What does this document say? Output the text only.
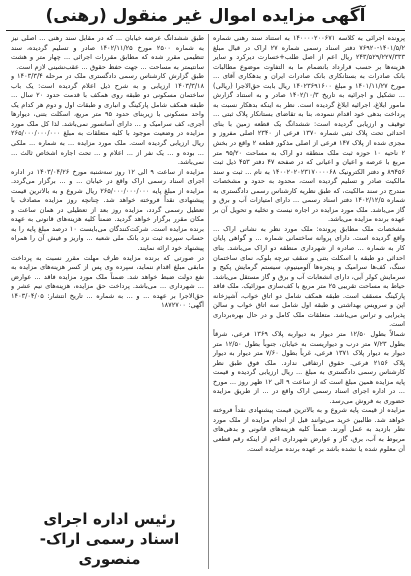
آگهی مزایده اموال غیر منقول (رهنی)

پرونده اجرائی به کلاسه ۱۴۰۰۰۰۲۰۰۶۷۱ به استناد سند رهنی شماره ۱۴۰۱/۵/۲-۷۶۹۲۰ دفتر اسناد رسمی شماره ۲۷ اراک در قبال مبلغ ۲۴۳/۵۲۹/۲۲۷/۳۳۳ ریال اعم از اصل طلب+خسارت دیرکرد و سایر هزینه‌ها بر حسب قرارداد بانضمام ما به التفاوت موضوع مطالبات بانک صادرات به بستانکاری بانک صادرات ایران و بدهکاری آقای ... مورخ ۱۴۰۱/۱۱/۲۷ و مبلغ ۱۴۰۲۳۶۹۱۶۰۰ ریال بابت حق‌الاجرا (ریالی) ... تشکیل و اجرائیه به تاریخ ۱۴۰۲/۱۰/۳ صادر و به استناد گزارش مامور ابلاغ، اجرائیه ابلاغ گردیده است. نظر به اینکه بدهکار نسبت به پرداخت بدهی خود اقدام ننموده، بنا به تقاضای بستانکار پلاک ثبتی ... توقیف و ارزیابی گردیده است: ششدانگ یک قطعه زمین با بنای احداثی تحت پلاک ثبتی شماره ۱۳۷۰ فرعی از ۲۳۴۰ اصلی مفروز و مجزی شده از پلاک ۱۴۷ فرعی از اصلی مذکور قطعه ۲ واقع در بخش ۲ ناحیه ۱۰ حوزه ثبت ملک منطقه دو اراک به مساحت ۹۵/۲۰ متر مربع با عرصه و اعیان و اعیانی که در صفحه ۴۷ دفتر ۴۵۳ ذیل ثبت ۸۹۴۵۶ و دفتر الکترونیک ۱۴۰۰۲۰۲۰۲۳۱۷۰۰۰۰۶۸ به نام ... ثبت و سند مالکیت صادر و تسلیم گردیده است، محدود به حدود و مشخصات مندرج در سند مالکیت، که طبق نظریه کارشناس رسمی دادگستری به شماره ۱۴۰۲/۱۲/۵ دفتر اسناد رسمی ... دارای امتیازات آب و برق و گاز می‌باشد. ملک مورد مزایده در اجاره نیست و تخلیه و تحویل آن بر عهده برنده مزایده می‌باشد.

مشخصات ملک مطابق پرونده: ملک مورد نظر به نشانی اراک ... واقع گردیده است. دارای پروانه ساختمانی شماره ... و گواهی پایان کار به شماره ... صادره از شهرداری منطقه دو اراک می‌باشد. بنای احداثی دو طبقه با اسکلت بتنی و سقف تیرچه بلوک، نمای ساختمان سنگ، کف‌ها سرامیک و پنجره‌ها آلومینیوم، سیستم گرمایش پکیج و سرمایش کولر آبی، دارای انشعابات آب و برق و گاز مستقل می‌باشد. حیاط به مساحت تقریبی ۲۵ متر مربع با کف‌سازی موزائیک. ملک فاقد پارکینگ مسقف است. طبقه همکف شامل دو اتاق خواب، آشپزخانه اپن و سرویس بهداشتی و طبقه اول شامل سه اتاق خواب و سالن پذیرایی و تراس می‌باشد. متعلقات ملک کامل و در حال بهره‌برداری است.

شمالاً بطول ۱۲/۵۰ متر دیوار به دیواربه پلاک ۱۳۶۹ فرعی، شرقاً بطول ۷/۲۳ متر درب و دیواریست به خیابان، جنوباً بطول ۱۲/۵۰ متر دیوار به دیوار پلاک ۱۳۷۱ فرعی، غرباً بطول ۷/۶۰ متر دیوار به دیوار پلاک ۲۱۵۶ فرعی. حقوق ارتفاقی ندارد. ملک فوق طبق نظر کارشناس رسمی دادگستری به مبلغ ... ریال ارزیابی گردیده و قیمت پایه مزایده همین مبلغ است که از ساعت ۹ الی ۱۲ ظهر روز ... مورخ ... در اداره اجرای اسناد رسمی اراک واقع در ... از طریق مزایده حضوری به فروش می‌رسد.

مزایده از قیمت پایه شروع و به بالاترین قیمت پیشنهادی نقداً فروخته خواهد شد. طالبین خرید می‌توانند قبل از انجام مزایده از ملک مورد نظر بازدید به عمل آورند. ضمناً کلیه هزینه‌های قانونی و بدهی‌های مربوط به آب، برق، گاز و عوارض شهرداری اعم از اینکه رقم قطعی آن معلوم شده یا نشده باشد بر عهده برنده مزایده است.

طبق ششدانگ عرضه خیابان ... که در مقابل سند رهنی ... اصلی نیز به شماره ۲۵۰۰ مورخ ۱۴۰۲/۱۱/۲۵ صادر و تسلیم گردیده، سند تنظیمی مقرر شده که مطابق مقررات اجرائی ... چهار متر و هشت سانتیمتر به مساحت ... جهت حفظ حقوق ... عقب‌نشینی لازم است.

طبق گزارش کارشناس رسمی دادگستری ملک در مرحله ۱۴۰۳/۳/۴ و ۱۴۰۳/۳/۱۸ ارزیابی و به شرح ذیل اعلام گردیده است: یک باب ساختمان مسکونی دو طبقه روی همکف با قدمت حدود ۲۰ سال ... طبقه همکف شامل پارکینگ و انباری و طبقات اول و دوم هر کدام یک واحد مسکونی با زیربنای حدود ۹۵ متر مربع، اسکلت بتنی، دیوارها آجری، کف سرامیک و ... دارای آسانسور نمی‌باشد. لذا کل ملک مورد مزایده در وضعیت موجود با کلیه متعلقات به مبلغ ۲۶۵/۰۰۰/۰۰۰/۰۰۰ ریال ارزیابی گردیده است. ملک مورد مزایده ... به شماره ... ملکی ... بوده و ... یک نفر از ... اعلام و ... تحت اجاره اشخاص ثالث ... نمی‌باشد.

مزایده از ساعت ۹ الی ۱۲ روز سه‌شنبه مورخ ۱۴۰۳/۰۴/۲۶ در اداره اجرای اسناد رسمی اراک واقع در خیابان ... و ... برگزار می‌گردد. مزایده از مبلغ پایه ۲۶۵/۰۰۰/۰۰۰/۰۰۰ ریال شروع و به بالاترین قیمت پیشنهادی نقداً فروخته خواهد شد. چنانچه روز مزایده مصادف با تعطیل رسمی گردد، مزایده روز بعد از تعطیلی در همان ساعت و مکان مقرر برگزار خواهد گردید. ضمناً کلیه هزینه‌های قانونی به عهده برنده مزایده است. شرکت‌کنندگان می‌بایست ۱۰ درصد مبلغ پایه را به حساب سپرده ثبت نزد بانک ملی شعبه ... واریز و فیش آن را همراه پیشنهاد خود ارائه نمایند.

در صورتی که برنده مزایده ظرف مهلت مقرر نسبت به پرداخت مابقی مبلغ اقدام ننماید، سپرده وی پس از کسر هزینه‌های مزایده به نفع دولت ضبط خواهد شد. ضمناً ملک مورد مزایده فاقد ... عوارض ... شهرداری ... می‌باشد. پرداخت حق مزایده، هزینه‌های نیم عشر و حق‌الاجرا بر عهده ... و ... به شماره ... تاریخ انتشار: ۱۴۰۳/۰۴/۰۵ آگهی: ۱۸۷۲۷۰۰

رئیس اداره اجرای
اسناد رسمی اراک- منصوری
